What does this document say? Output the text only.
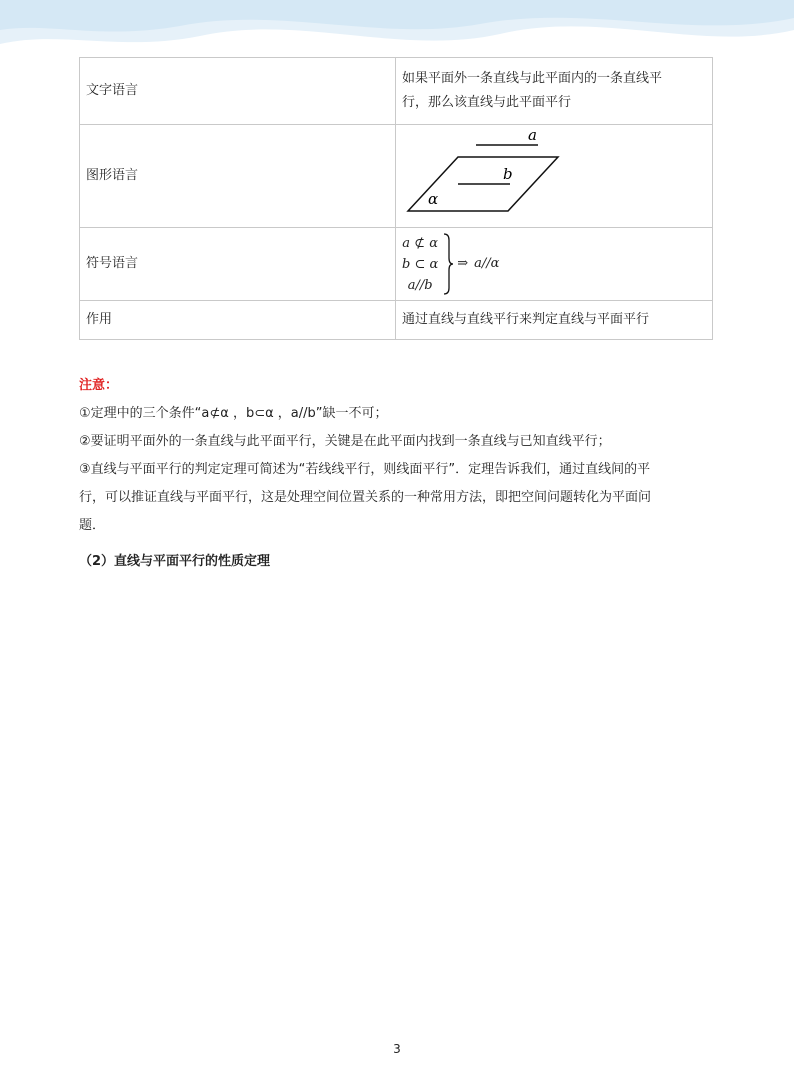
文字语言	如果平面外一条直线与此平面内的一条直线平
行，那么该直线与此平面平行

图形语言	a
b
α

符号语言	a ⊄ α
b ⊂ α
a//b
⇒ a//α

作用	通过直线与直线平行来判定直线与平面平行

注意：

①定理中的三个条件“a⊄α ，b⊂α ，a//b”缺一不可；

②要证明平面外的一条直线与此平面平行，关键是在此平面内找到一条直线与已知直线平行；

③直线与平面平行的判定定理可简述为“若线线平行，则线面平行”．定理告诉我们，通过直线间的平

行，可以推证直线与平面平行，这是处理空间位置关系的一种常用方法，即把空间问题转化为平面问

题．

（2）直线与平面平行的性质定理
3
